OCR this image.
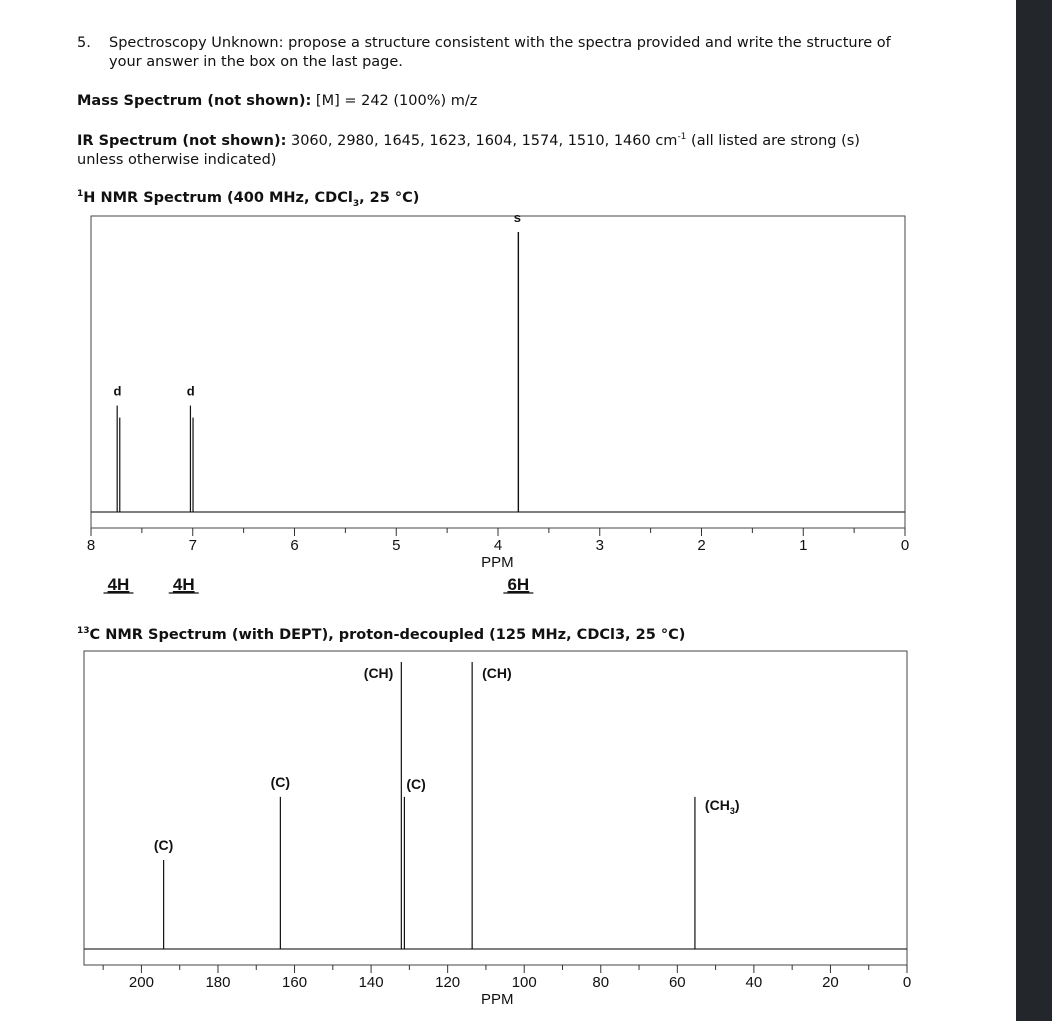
5. Spectroscopy Unknown: propose a structure consistent with the spectra provided and write the structure of your answer in the box on the last page.
Mass Spectrum (not shown): [M] = 242 (100%) m/z
IR Spectrum (not shown): 3060, 2980, 1645, 1623, 1604, 1574, 1510, 1460 $cm^{-1}$ (all listed are strong (s) unless otherwise indicated)
$^1$H NMR Spectrum (400 MHz, CDCl$_3$, 25 °C)
$^{13}$C NMR Spectrum (with DEPT), proton-decoupled (125 MHz, CDCl3, 25 °C)
8	7	6	5	4	3	2	1	0
PPM
d
4H
d
4H
s
6H
200	180	160	140	120	100	80	60	40	20	0
PPM
(C)
(C)
(CH)
(C)
(CH)
$(CH_3)$
